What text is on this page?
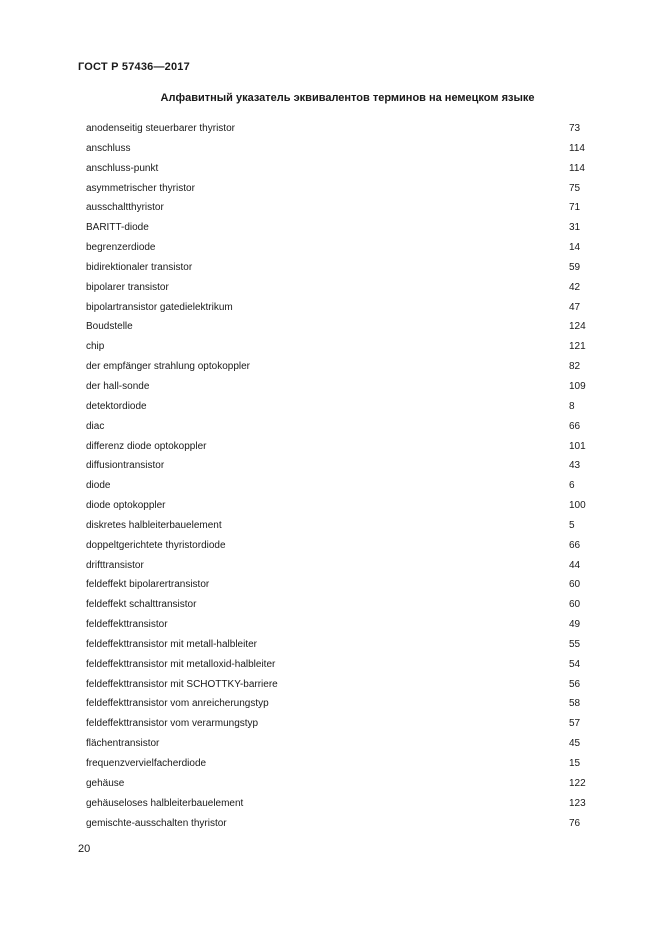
ГОСТ Р 57436—2017
Алфавитный указатель эквивалентов терминов на немецком языке
anodenseitig steuerbarer thyristor	73
anschluss	114
anschluss-punkt	114
asymmetrischer thyristor	75
ausschaltthyristor	71
BARITT-diode	31
begrenzerdiode	14
bidirektionaler transistor	59
bipolarer transistor	42
bipolartransistor gatedielektrikum	47
Boudstelle	124
chip	121
der empfänger strahlung optokoppler	82
der hall-sonde	109
detektordiode	8
diac	66
differenz diode optokoppler	101
diffusiontransistor	43
diode	6
diode optokoppler	100
diskretes halbleiterbauelement	5
doppeltgerichtete thyristordiode	66
drifttransistor	44
feldeffekt bipolarertransistor	60
feldeffekt schalttransistor	60
feldeffekttransistor	49
feldeffekttransistor mit metall-halbleiter	55
feldeffekttransistor mit metalloxid-halbleiter	54
feldeffekttransistor mit SCHOTTKY-barriere	56
feldeffekttransistor vom anreicherungstyp	58
feldeffekttransistor vom verarmungstyp	57
flächentransistor	45
frequenzvervielfacherdiode	15
gehäuse	122
gehäuseloses halbleiterbauelement	123
gemischte-ausschalten thyristor	76
20
